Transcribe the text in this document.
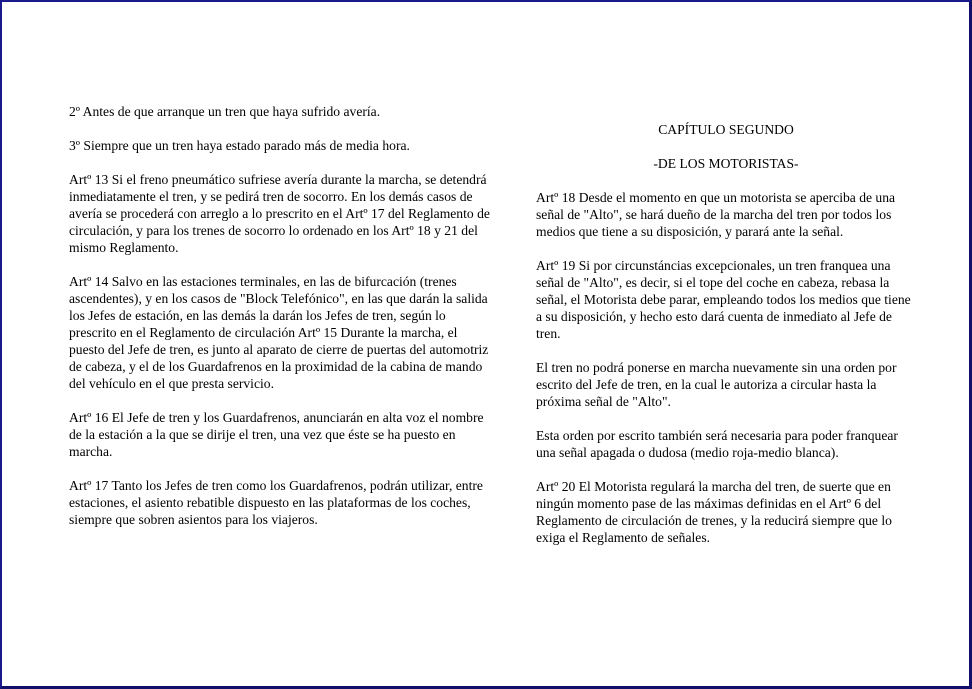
2º Antes de que arranque un tren que haya sufrido avería.

3º Siempre que un tren haya estado parado más de media hora.

Artº 13 Si el freno pneumático sufriese avería durante la marcha, se detendrá inmediatamente el tren, y se pedirá tren de socorro. En los demás casos de avería se procederá con arreglo a lo prescrito en el Artº 17 del Reglamento de circulación, y para los trenes de socorro lo ordenado en los Artº 18 y 21 del mismo Reglamento.

Artº 14 Salvo en las estaciones terminales, en las de bifurcación (trenes ascendentes), y en los casos de "Block Telefónico", en las que darán la salida los Jefes de estación, en las demás la darán los Jefes de tren, según lo prescrito en el Reglamento de circulación Artº 15 Durante la marcha, el puesto del Jefe de tren, es junto al aparato de cierre de puertas del automotriz de cabeza, y el de los Guardafrenos en la proximidad de la cabina de mando del vehículo en el que presta servicio.

Artº 16 El Jefe de tren y los Guardafrenos, anunciarán en alta voz el nombre de la estación a la que se dirije el tren, una vez que éste se ha puesto en marcha.

Artº 17 Tanto los Jefes de tren como los Guardafrenos, podrán utilizar, entre estaciones, el asiento rebatible dispuesto en las plataformas de los coches, siempre que sobren asientos para los viajeros.

CAPÍTULO SEGUNDO
-DE LOS MOTORISTAS-

Artº 18 Desde el momento en que un motorista se aperciba de una señal de "Alto", se hará dueño de la marcha del tren por todos los medios que tiene a su disposición, y parará ante la señal.

Artº 19 Si por circunstáncias excepcionales, un tren franquea una señal de "Alto", es decir, si el tope del coche en cabeza, rebasa la señal, el Motorista debe parar, empleando todos los medios que tiene a su disposición, y hecho esto dará cuenta de inmediato al Jefe de tren.

El tren no podrá ponerse en marcha nuevamente sin una orden por escrito del Jefe de tren, en la cual le autoriza a circular hasta la próxima señal de "Alto".

Esta orden por escrito también será necesaria para poder franquear una señal apagada o dudosa (medio roja-medio blanca).

Artº 20 El Motorista regulará la marcha del tren, de suerte que en ningún momento pase de las máximas definidas en el Artº 6 del Reglamento de circulación de trenes, y la reducirá siempre que lo exiga el Reglamento de señales.
